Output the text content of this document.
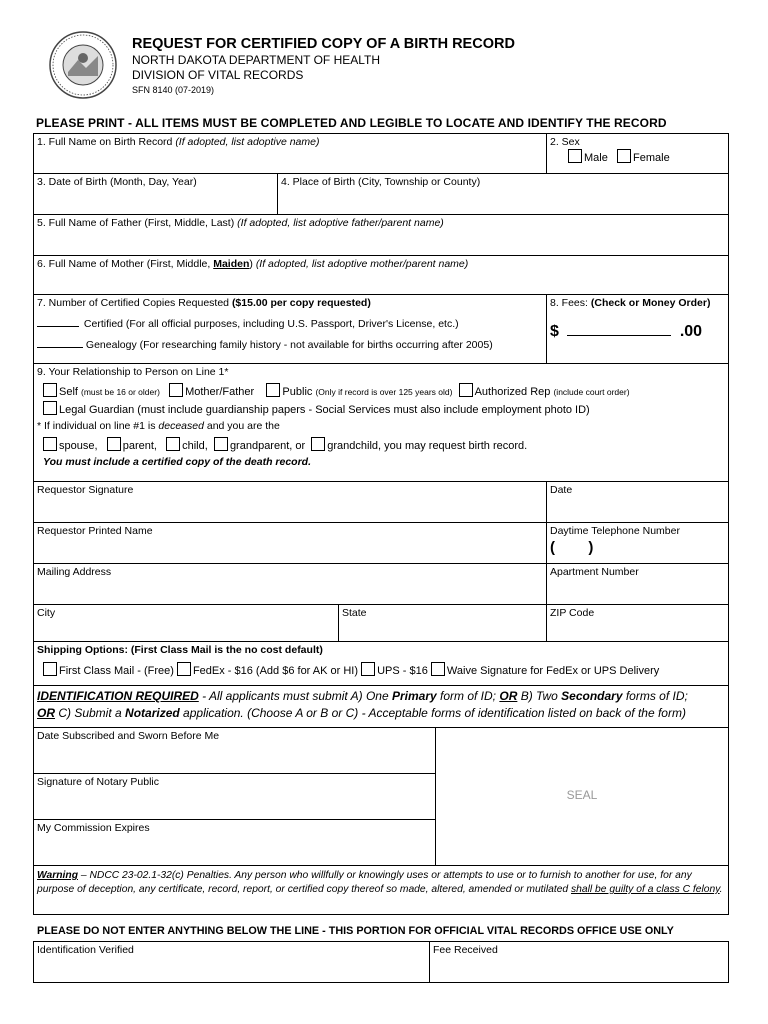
REQUEST FOR CERTIFIED COPY OF A BIRTH RECORD
NORTH DAKOTA DEPARTMENT OF HEALTH
DIVISION OF VITAL RECORDS
SFN 8140 (07-2019)
PLEASE PRINT - ALL ITEMS MUST BE COMPLETED AND LEGIBLE TO LOCATE AND IDENTIFY THE RECORD
1. Full Name on Birth Record (If adopted, list adoptive name)	2. Sex
Male Female
3. Date of Birth (Month, Day, Year)	4. Place of Birth (City, Township or County)
5. Full Name of Father (First, Middle, Last) (If adopted, list adoptive father/parent name)
6. Full Name of Mother (First, Middle, Maiden) (If adopted, list adoptive mother/parent name)
7. Number of Certified Copies Requested ($15.00 per copy requested)
Certified (For all official purposes, including U.S. Passport, Driver's License, etc.)
Genealogy (For researching family history - not available for births occurring after 2005)
8. Fees: (Check or Money Order)
$	.00
9. Your Relationship to Person on Line 1*
Self (must be 16 or older) Mother/Father	Public (Only if record is over 125 years old) Authorized Rep (include court order)
Legal Guardian (must include guardianship papers - Social Services must also include employment photo ID)
* If individual on line #1 is deceased and you are the
spouse, parent, child, grandparent, or grandchild, you may request birth record.
You must include a certified copy of the death record.
Requestor Signature	Date
Requestor Printed Name	Daytime Telephone Number
(        )
Mailing Address	Apartment Number
City	State	ZIP Code
Shipping Options: (First Class Mail is the no cost default)
First Class Mail - (Free) FedEx - $16 (Add $6 for AK or HI) UPS - $16 Waive Signature for FedEx or UPS Delivery
IDENTIFICATION REQUIRED - All applicants must submit A) One Primary form of ID; OR B) Two Secondary forms of ID;
OR C) Submit a Notarized application. (Choose A or B or C) - Acceptable forms of identification listed on back of the form)
Date Subscribed and Sworn Before Me
Signature of Notary Public
My Commission Expires
SEAL
Warning – NDCC 23-02.1-32(c) Penalties. Any person who willfully or knowingly uses or attempts to use or to furnish to another for use, for any purpose of deception, any certificate, record, report, or certified copy thereof so made, altered, amended or mutilated shall be guilty of a class C felony.
PLEASE DO NOT ENTER ANYTHING BELOW THE LINE - THIS PORTION FOR OFFICIAL VITAL RECORDS OFFICE USE ONLY
Identification Verified	Fee Received
